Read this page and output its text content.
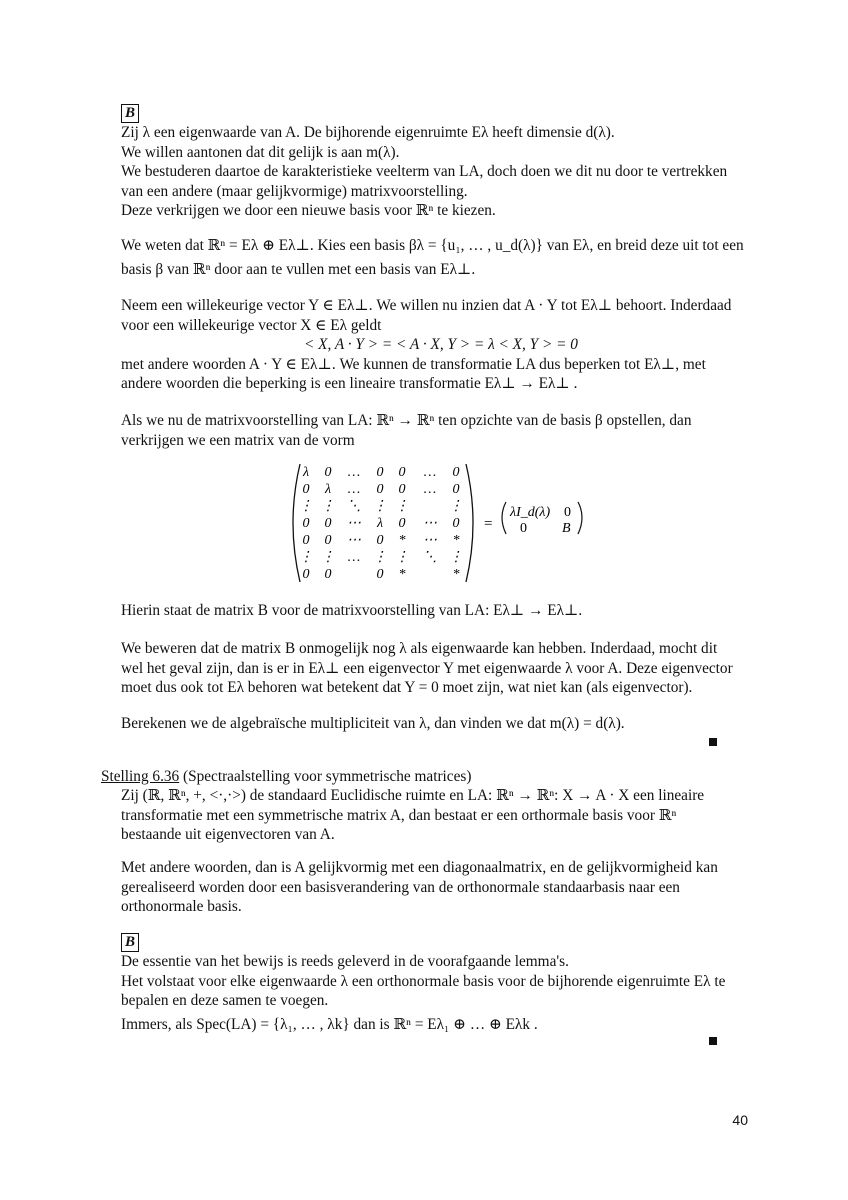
B

Zij λ een eigenwaarde van A. De bijhorende eigenruimte Eλ heeft dimensie d(λ).

We willen aantonen dat dit gelijk is aan m(λ).

We bestuderen daartoe de karakteristieke veelterm van LA, doch doen we dit nu door te vertrekken

van een andere (maar gelijkvormige) matrixvoorstelling.

Deze verkrijgen we door een nieuwe basis voor ℝⁿ te kiezen.

We weten dat ℝⁿ = Eλ ⊕ Eλ⊥. Kies een basis βλ = {u₁, … , u_d(λ)} van Eλ, en breid deze uit tot een

basis β van ℝⁿ door aan te vullen met een basis van Eλ⊥.

Neem een willekeurige vector Y ∈ Eλ⊥. We willen nu inzien dat A · Y tot Eλ⊥ behoort. Inderdaad

voor een willekeurige vector X ∈ Eλ geldt

< X, A · Y > = < A · X, Y > = λ < X, Y > = 0

met andere woorden A · Y ∈ Eλ⊥. We kunnen de transformatie LA dus beperken tot Eλ⊥, met

andere woorden die beperking is een lineaire transformatie Eλ⊥ → Eλ⊥ .

Als we nu de matrixvoorstelling van LA: ℝⁿ → ℝⁿ ten opzichte van de basis β opstellen, dan

verkrijgen we een matrix van de vorm

λ 0 … 0 0 … 0
0 λ … 0 0 … 0
⋮ ⋮ ⋱ ⋮ ⋮	⋮
0 0 ⋯ λ 0 ⋯ 0
0 0 ⋯ 0 * ⋯ *
⋮ ⋮ … ⋮ ⋮ ⋱ ⋮
0 0	0 *	*
=
λI_d(λ) 0
0	B

Hierin staat de matrix B voor de matrixvoorstelling van LA: Eλ⊥ → Eλ⊥.

We beweren dat de matrix B onmogelijk nog λ als eigenwaarde kan hebben. Inderdaad, mocht dit

wel het geval zijn, dan is er in Eλ⊥ een eigenvector Y met eigenwaarde λ voor A. Deze eigenvector

moet dus ook tot Eλ behoren wat betekent dat Y = 0 moet zijn, wat niet kan (als eigenvector).

Berekenen we de algebraïsche multipliciteit van λ, dan vinden we dat m(λ) = d(λ).

Stelling 6.36 (Spectraalstelling voor symmetrische matrices)

Zij (ℝ, ℝⁿ, +, <·,·>) de standaard Euclidische ruimte en LA: ℝⁿ → ℝⁿ: X → A · X een lineaire

transformatie met een symmetrische matrix A, dan bestaat er een orthormale basis voor ℝⁿ

bestaande uit eigenvectoren van A.

Met andere woorden, dan is A gelijkvormig met een diagonaalmatrix, en de gelijkvormigheid kan

gerealiseerd worden door een basisverandering van de orthonormale standaarbasis naar een

orthonormale basis.

B

De essentie van het bewijs is reeds geleverd in de voorafgaande lemma's.

Het volstaat voor elke eigenwaarde λ een orthonormale basis voor de bijhorende eigenruimte Eλ te

bepalen en deze samen te voegen.

Immers, als Spec(LA) = {λ₁, … , λk} dan is ℝⁿ = Eλ₁ ⊕ … ⊕ Eλk .

40
